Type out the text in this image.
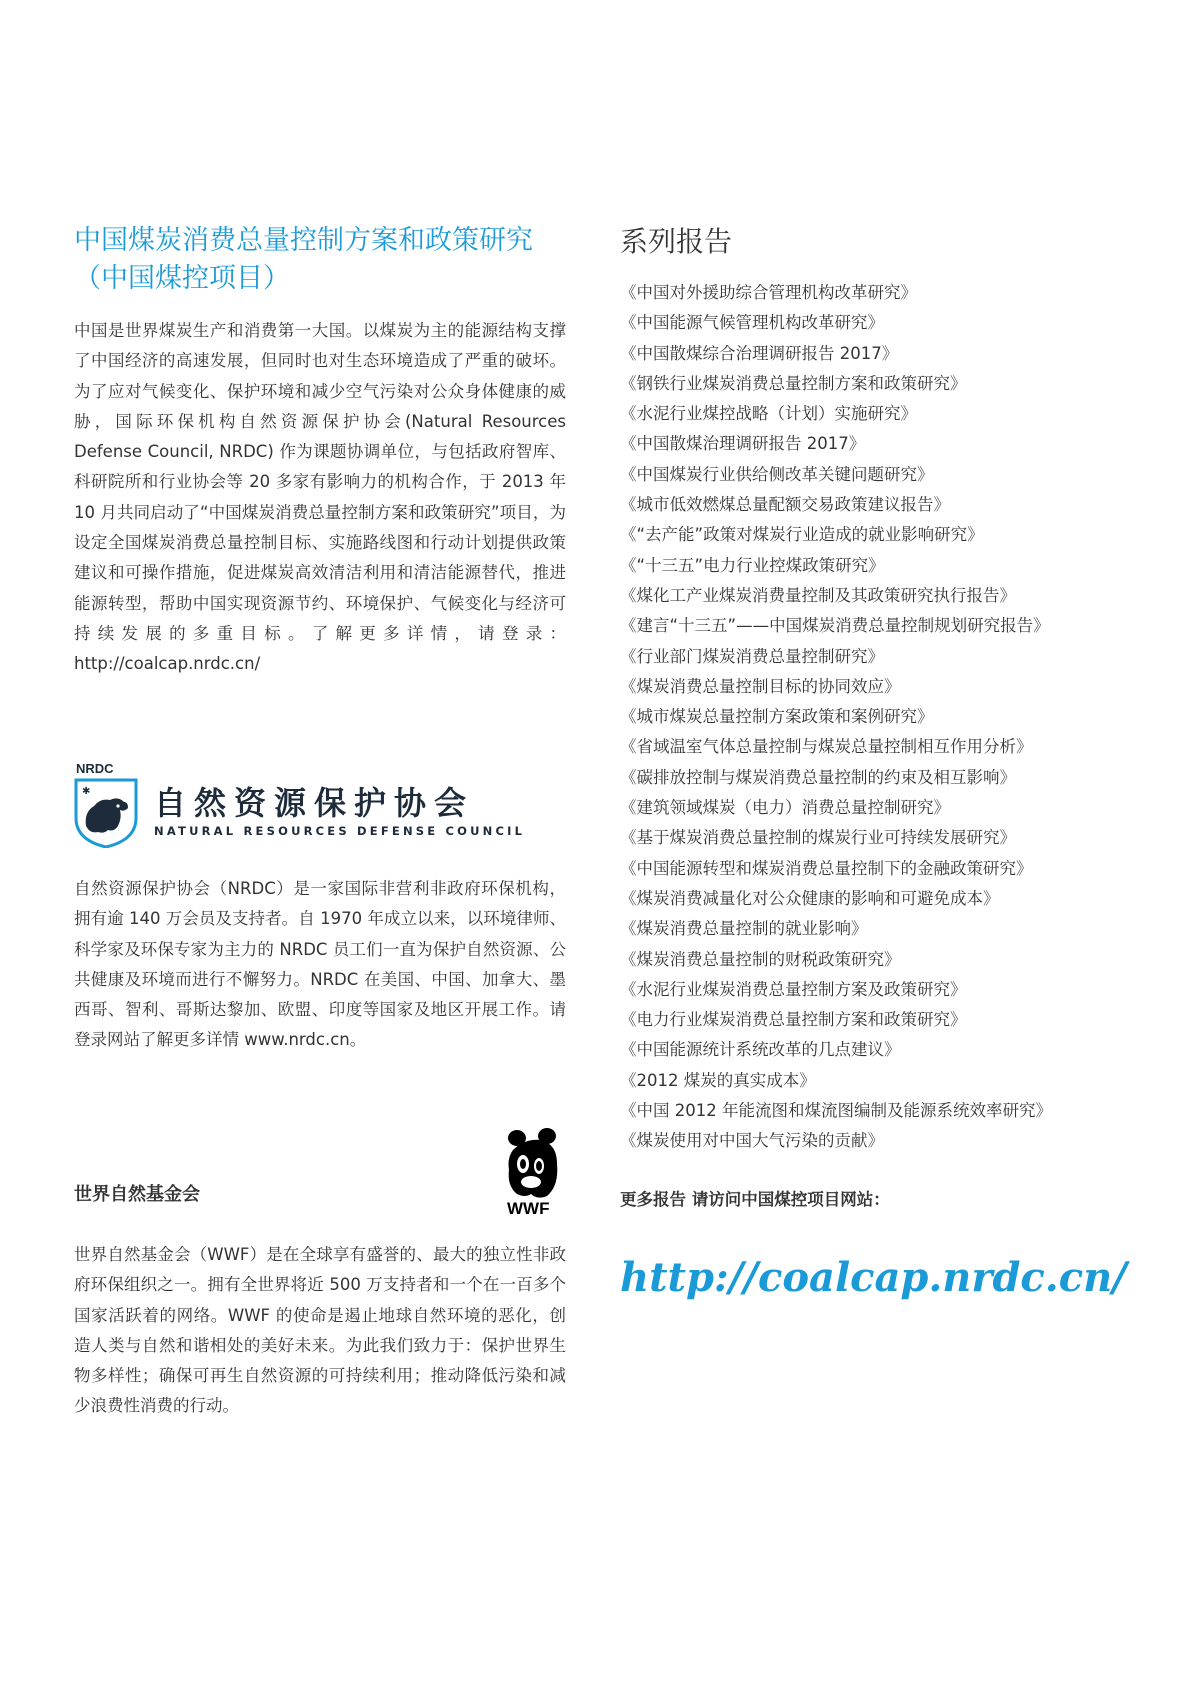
中国煤炭消费总量控制方案和政策研究
（中国煤控项目）

中国是世界煤炭生产和消费第一大国。以煤炭为主的能源结构支撑了中国经济的高速发展，但同时也对生态环境造成了严重的破坏。为了应对气候变化、保护环境和减少空气污染对公众身体健康的威胁，国际环保机构自然资源保护协会(Natural Resources Defense Council, NRDC) 作为课题协调单位，与包括政府智库、科研院所和行业协会等 20 多家有影响力的机构合作，于 2013 年 10 月共同启动了“中国煤炭消费总量控制方案和政策研究”项目，为设定全国煤炭消费总量控制目标、实施路线图和行动计划提供政策建议和可操作措施，促进煤炭高效清洁利用和清洁能源替代，推进能源转型，帮助中国实现资源节约、环境保护、气候变化与经济可持续发展的多重目标。了解更多详情，请登录：http://coalcap.nrdc.cn/

NRDC
✱ 自然资源保护协会
NATURAL RESOURCES DEFENSE COUNCIL

自然资源保护协会（NRDC）是一家国际非营利非政府环保机构，拥有逾 140 万会员及支持者。自 1970 年成立以来，以环境律师、科学家及环保专家为主力的 NRDC 员工们一直为保护自然资源、公共健康及环境而进行不懈努力。NRDC 在美国、中国、加拿大、墨西哥、智利、哥斯达黎加、欧盟、印度等国家及地区开展工作。请登录网站了解更多详情 www.nrdc.cn。

世界自然基金会
WWF

世界自然基金会（WWF）是在全球享有盛誉的、最大的独立性非政府环保组织之一。拥有全世界将近 500 万支持者和一个在一百多个国家活跃着的网络。WWF 的使命是遏止地球自然环境的恶化，创造人类与自然和谐相处的美好未来。为此我们致力于：保护世界生物多样性；确保可再生自然资源的可持续利用；推动降低污染和减少浪费性消费的行动。

系列报告
《中国对外援助综合管理机构改革研究》
《中国能源气候管理机构改革研究》
《中国散煤综合治理调研报告 2017》
《钢铁行业煤炭消费总量控制方案和政策研究》
《水泥行业煤控战略（计划）实施研究》
《中国散煤治理调研报告 2017》
《中国煤炭行业供给侧改革关键问题研究》
《城市低效燃煤总量配额交易政策建议报告》
《“去产能”政策对煤炭行业造成的就业影响研究》
《“十三五”电力行业控煤政策研究》
《煤化工产业煤炭消费量控制及其政策研究执行报告》
《建言“十三五”——中国煤炭消费总量控制规划研究报告》
《行业部门煤炭消费总量控制研究》
《煤炭消费总量控制目标的协同效应》
《城市煤炭总量控制方案政策和案例研究》
《省域温室气体总量控制与煤炭总量控制相互作用分析》
《碳排放控制与煤炭消费总量控制的约束及相互影响》
《建筑领域煤炭（电力）消费总量控制研究》
《基于煤炭消费总量控制的煤炭行业可持续发展研究》
《中国能源转型和煤炭消费总量控制下的金融政策研究》
《煤炭消费减量化对公众健康的影响和可避免成本》
《煤炭消费总量控制的就业影响》
《煤炭消费总量控制的财税政策研究》
《水泥行业煤炭消费总量控制方案及政策研究》
《电力行业煤炭消费总量控制方案和政策研究》
《中国能源统计系统改革的几点建议》
《2012 煤炭的真实成本》
《中国 2012 年能流图和煤流图编制及能源系统效率研究》
《煤炭使用对中国大气污染的贡献》

更多报告 请访问中国煤控项目网站：

http://coalcap.nrdc.cn/
